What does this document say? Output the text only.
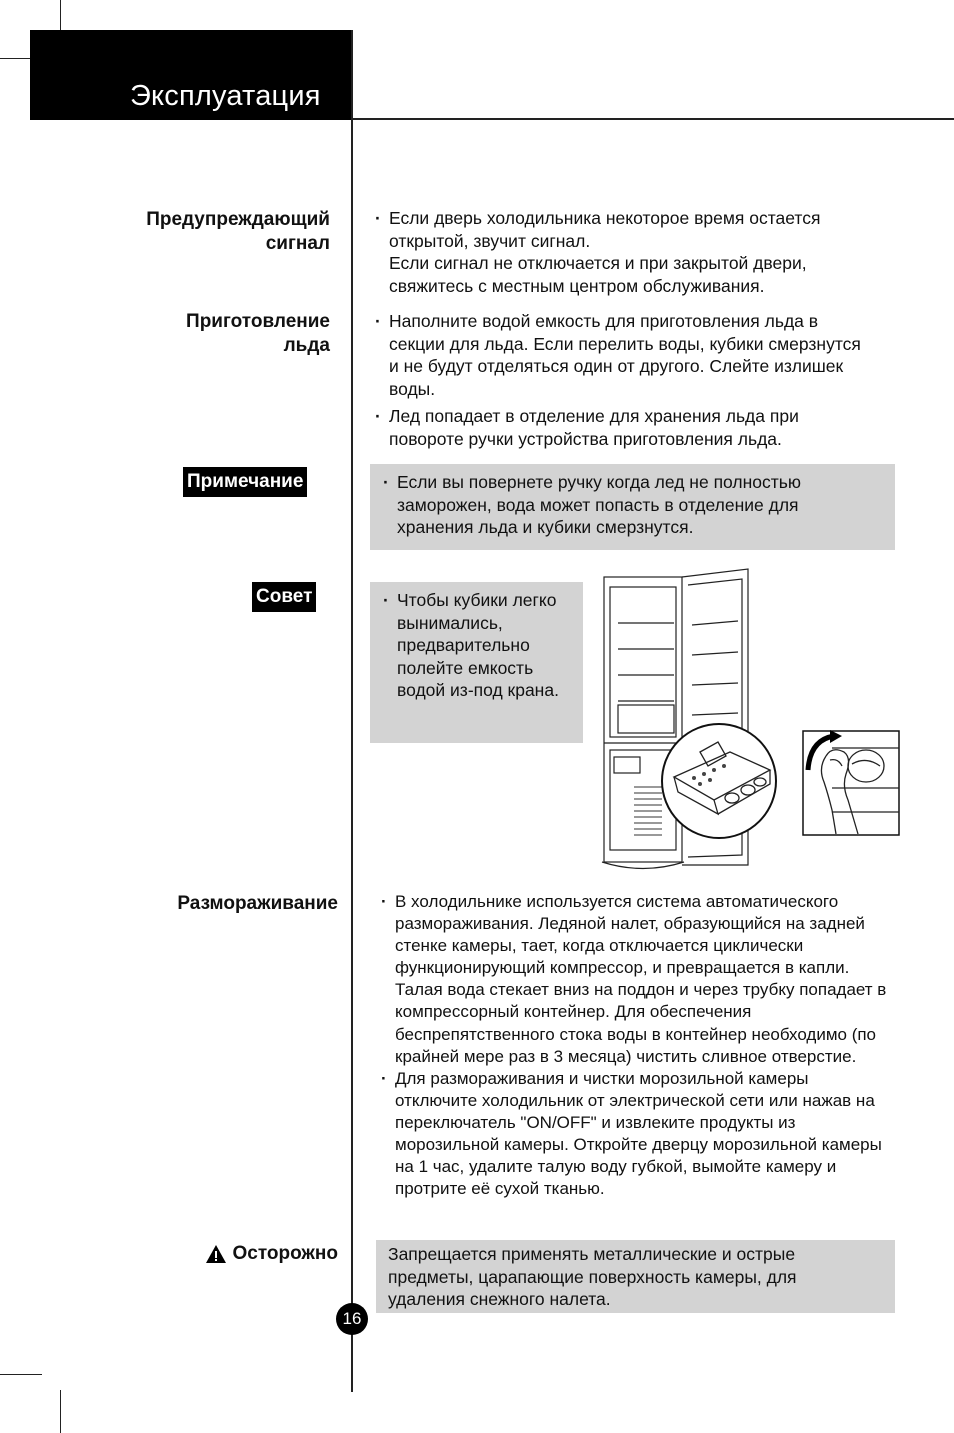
Эксплуатация
Предупреждающий
сигнал
· Если дверь холодильника некоторое время остается открытой, звучит сигнал.
Если сигнал не отключается и при закрытой двери, свяжитесь с местным центром обслуживания.
Приготовление
льда
· Наполните водой емкость для приготовления льда в секции для льда. Если перелить воды, кубики смерзнутся и не будут отделяться один от другого. Слейте излишек воды.
· Лед попадает в отделение для хранения льда при повороте ручки устройства приготовления льда.
Примечание	· Если вы повернете ручку когда лед не полностью заморожен, вода может попасть в отделение для хранения льда и кубики смерзнутся.
Совет	· Чтобы кубики легко вынимались, предварительно полейте емкость водой из-под крана.
Размораживание	· В холодильнике используется система автоматического размораживания. Ледяной налет, образующийся на задней стенке камеры, тает, когда отключается циклически функционирующий компрессор, и превращается в капли. Талая вода стекает вниз на поддон и через трубку попадает в компрессорный контейнер. Для обеспечения беспрепятственного стока воды в контейнер необходимо (по крайней мере раз в 3 месяца) чистить сливное отверстие.
· Для размораживания и чистки морозильной камеры отключите холодильник от электрической сети или нажав на переключатель "ON/OFF" и извлеките продукты из морозильной камеры. Откройте дверцу морозильной камеры на 1 час, удалите талую воду губкой, вымойте камеру и протрите её сухой тканью.
Осторожно	Запрещается применять металлические и острые предметы, царапающие поверхность камеры, для удаления снежного налета.
16
